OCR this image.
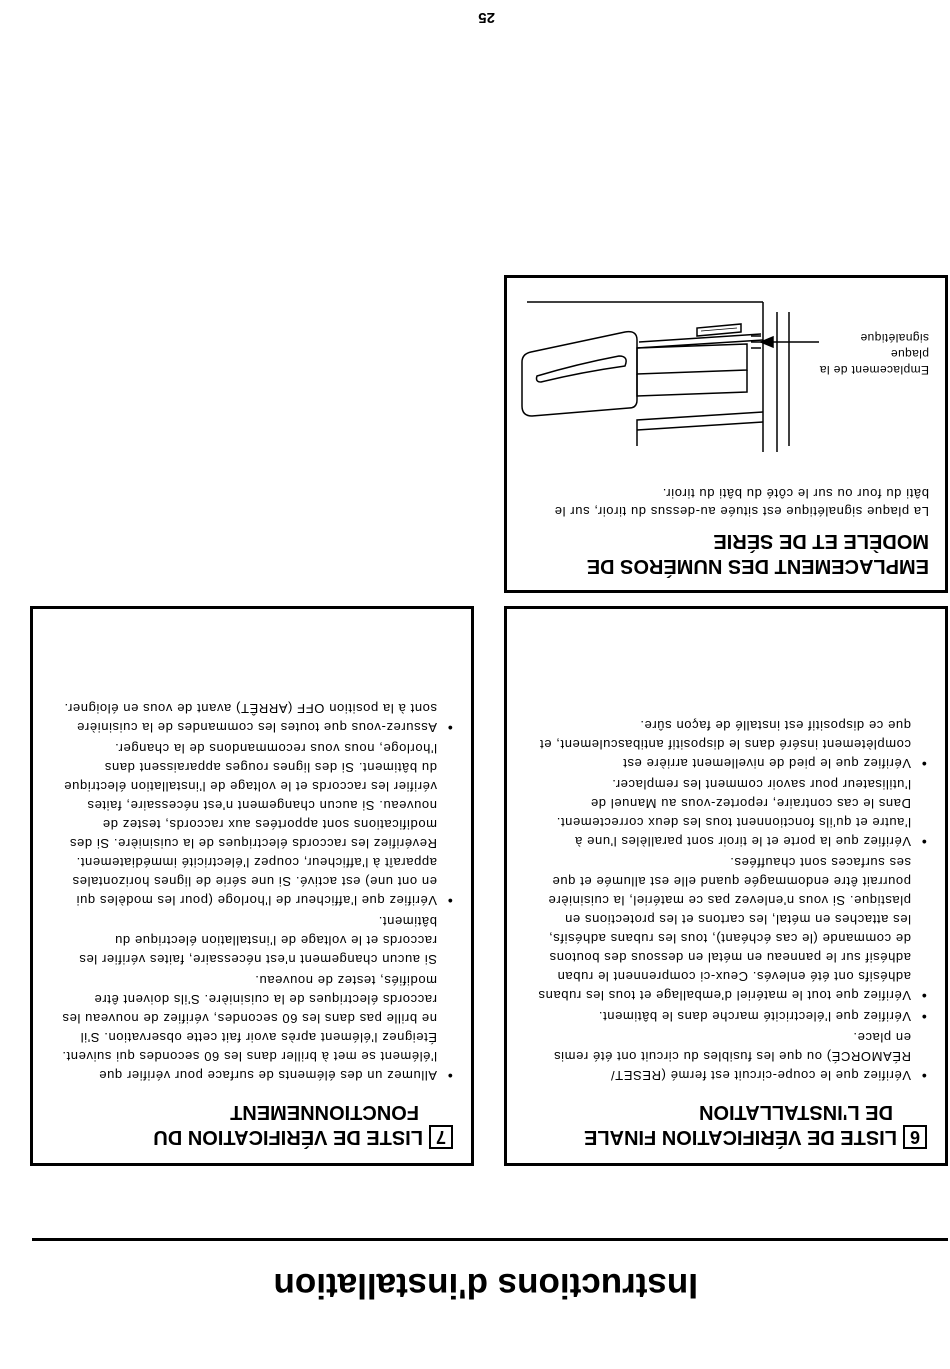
Instructions d'installation
6LISTE DE VÉRIFICATION FINALE
DE L'INSTALLATION
● Vérifiez que le coupe-circuit est fermé (RESET/ RÉAMORCÉ) ou que les fusibles du circuit ont été remis en place.
● Vérifiez que l'électricité marche dans le bâtiment.
● Vérifiez que tout le matériel d'emballage et tous les rubans adhésifs ont été enlevés. Ceux-ci comprennent le ruban adhésif sur le panneau en métal en dessous des boutons de commande (le cas échéant), tous les rubans adhésifs, les attaches en métal, les cartons et les protections en plastique. Si vous n'enlevez pas ce matériel, la cuisinière pourrait être endommagée quand elle est allumée et que ses surfaces sont chauffées.
● Vérifiez que la porte et le tiroir sont parallèles l'une à l'autre et qu'ils fonctionnent tous les deux correctement. Dans le cas contraire, reportez-vous au Manuel de l'utilisateur pour savoir comment les remplacer.
● Vérifiez que le pied de nivellement arrière est complètement inséré dans le dispositif antibasculement, et que ce dispositif est installé de façon sûre.
7LISTE DE VÉRIFICATION DU
FONCTIONNEMENT

● Allumez un des éléments de surface pour vérifier que l'élément se met à briller dans les 60 secondes qui suivent. Éteignez l'élément après avoir fait cette observation. S'il ne brille pas dans les 60 secondes, vérifiez de nouveau les raccords électriques de la cuisinière. S'ils doivent être modifiés, testez de nouveau.

Si aucun changement n'est nécessaire, faites vérifier les raccords et le voltage de l'installation électrique du bâtiment.

● Vérifiez que l'afficheur de l'horloge (pour les modèles qui en ont une) est activé. Si une série de lignes horizontales apparaît à l'afficheur, coupez l'électricité immédiatement. Revérifiez les raccords électriques de la cuisinière. Si des modifications sont apportées aux raccords, testez de nouveau. Si aucun changement n'est nécessaire, faites vérifier les raccords et le voltage de l'installation électrique du bâtiment. Si des lignes rouges apparaissent dans l'horloge, nous vous recommandons de la changer.
● Assurez-vous que toutes les commandes de la cuisinière sont à la position OFF (ARRÊT) avant de vous en éloigner.
EMPLACEMENT DES NUMÉROS DE
MODÈLE ET DE SÉRIE
La plaque signalétique est située au-dessus du tiroir, sur le bâti du four ou sur le côté du bâti du tiroir.
Emplacement de la plaque signalétique
25
